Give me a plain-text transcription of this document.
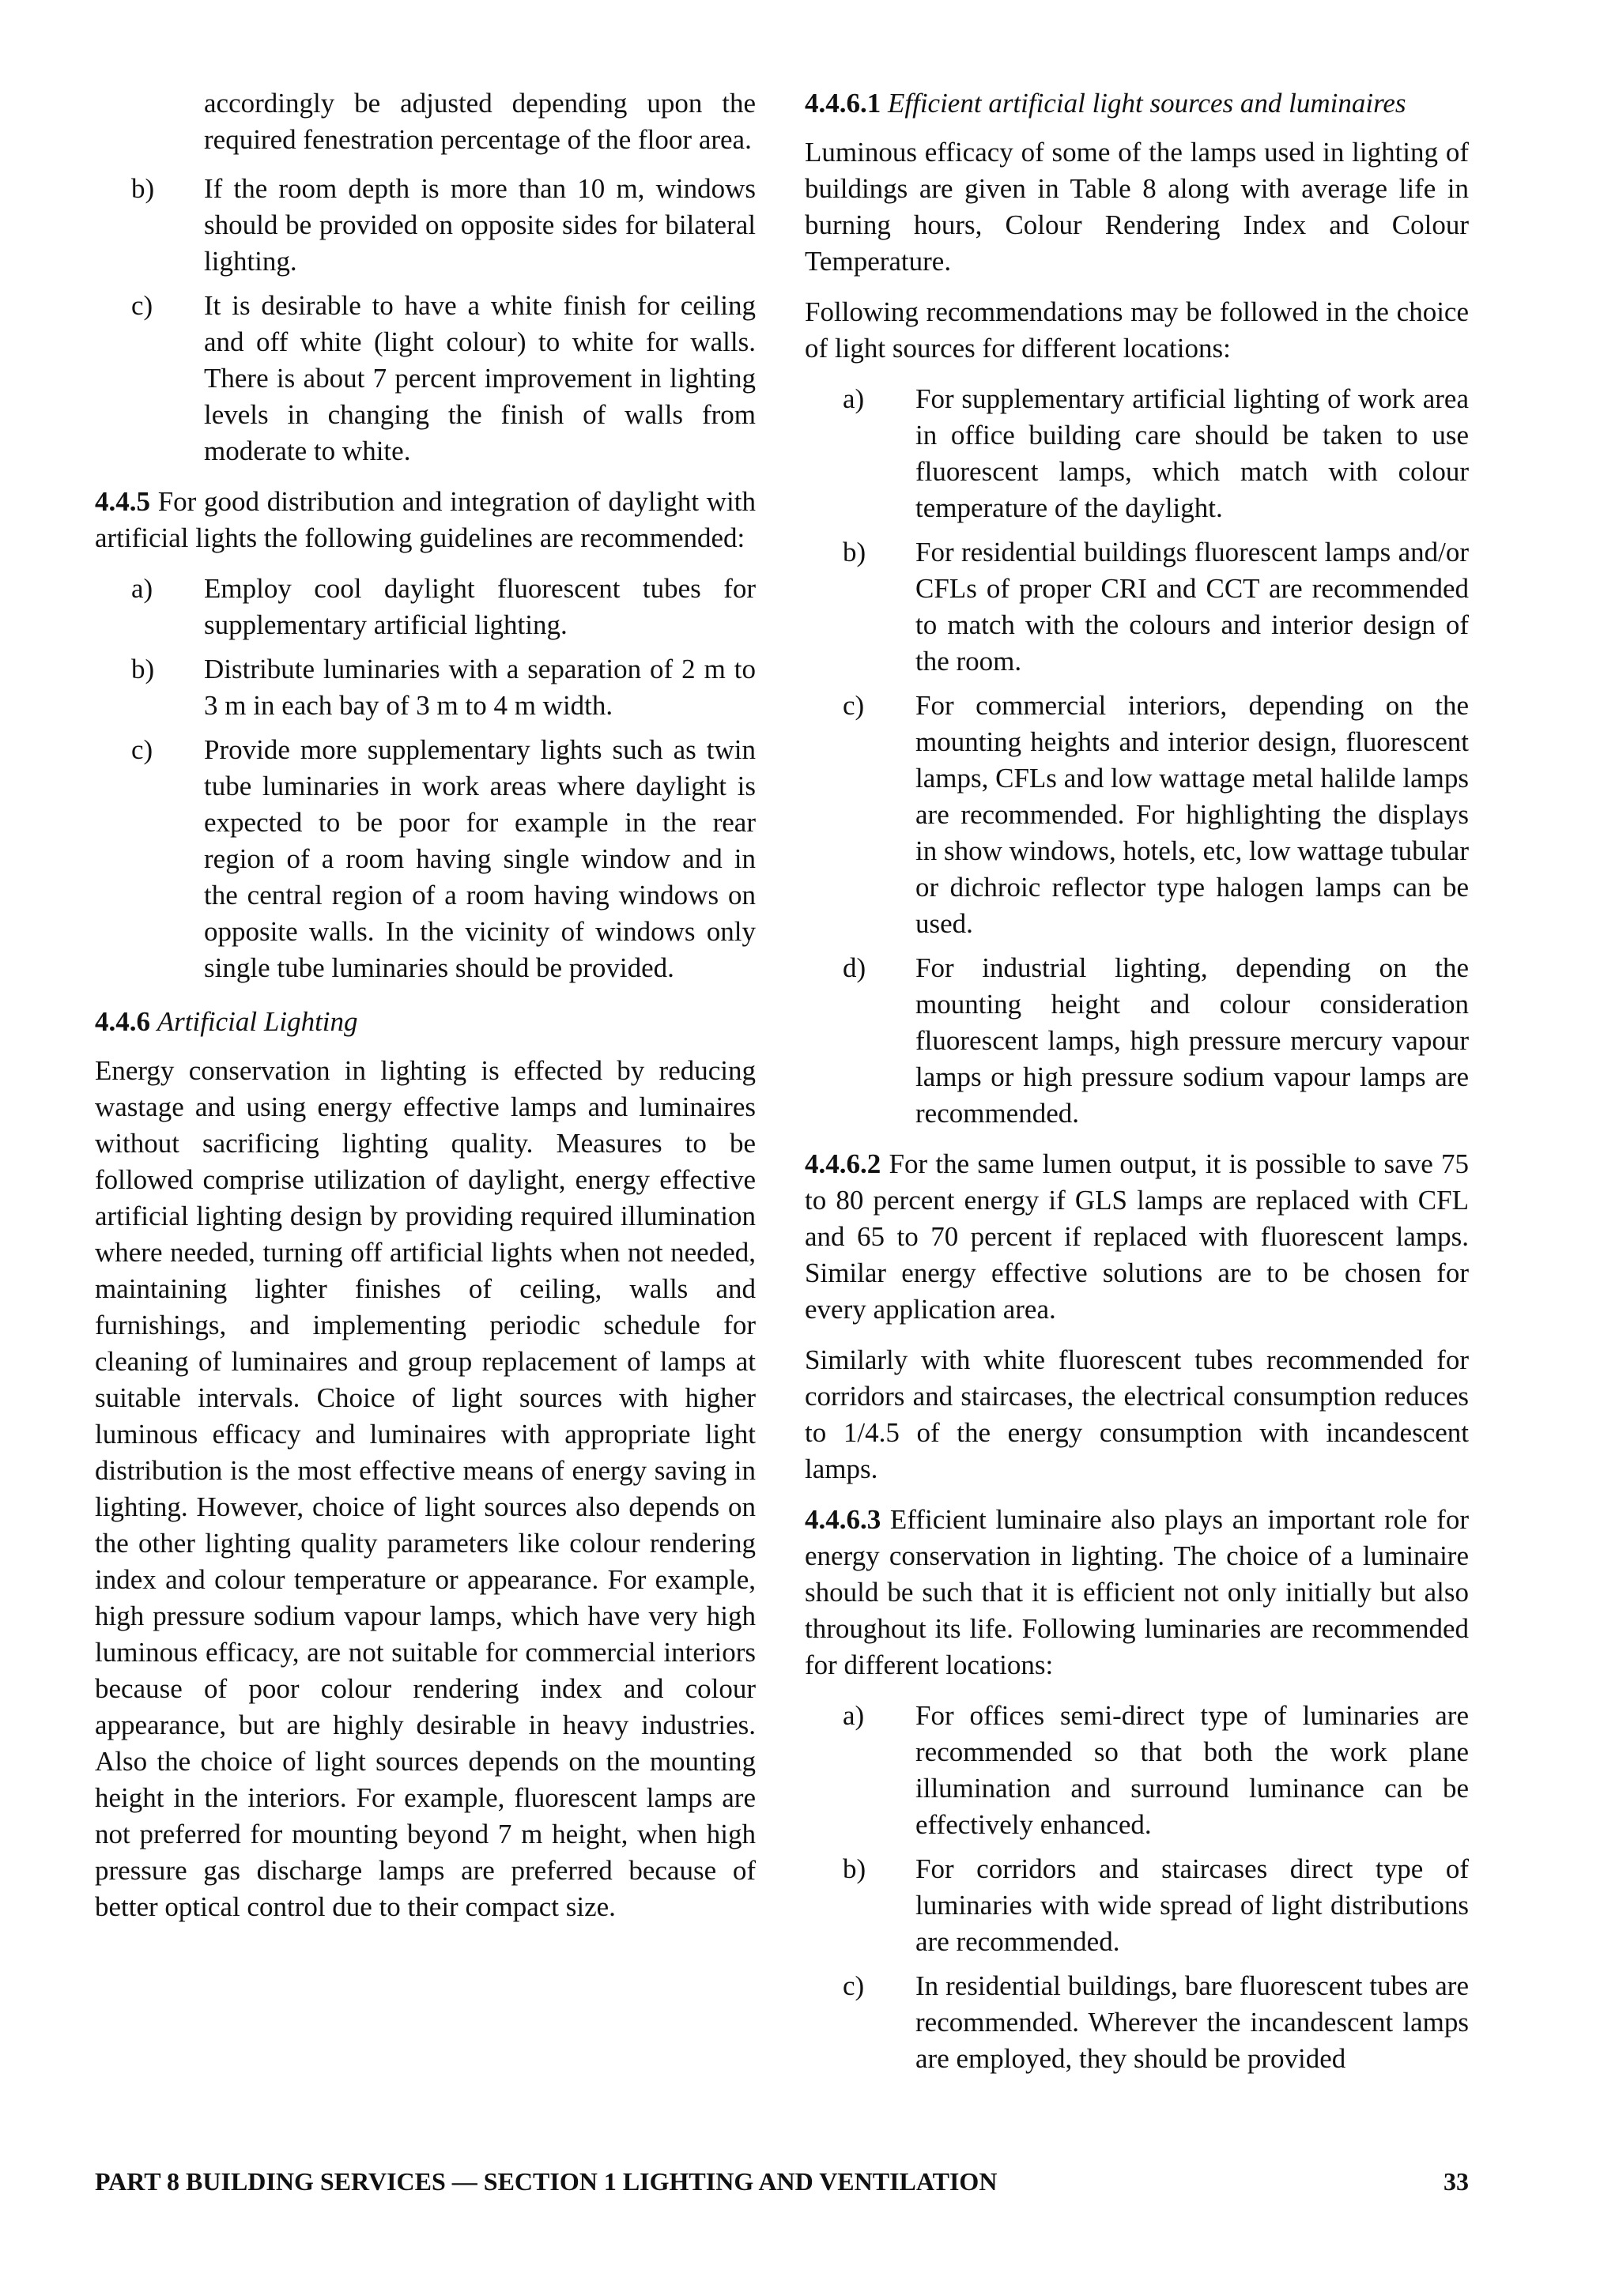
accordingly be adjusted depending upon the required fenestration percentage of the floor area.

b)	If the room depth is more than 10 m, windows should be provided on opposite sides for bilateral lighting.
c)	It is desirable to have a white finish for ceiling and off white (light colour) to white for walls. There is about 7 percent improvement in lighting levels in changing the finish of walls from moderate to white.

4.4.5 For good distribution and integration of daylight with artificial lights the following guidelines are recommended:

a)	Employ cool daylight fluorescent tubes for supplementary artificial lighting.
b)	Distribute luminaries with a separation of 2 m to 3 m in each bay of 3 m to 4 m width.
c)	Provide more supplementary lights such as twin tube luminaries in work areas where daylight is expected to be poor for example in the rear region of a room having single window and in the central region of a room having windows on opposite walls. In the vicinity of windows only single tube luminaries should be provided.

4.4.6 Artificial Lighting

Energy conservation in lighting is effected by reducing wastage and using energy effective lamps and luminaires without sacrificing lighting quality. Measures to be followed comprise utilization of daylight, energy effective artificial lighting design by providing required illumination where needed, turning off artificial lights when not needed, maintaining lighter finishes of ceiling, walls and furnishings, and implementing periodic schedule for cleaning of luminaires and group replacement of lamps at suitable intervals. Choice of light sources with higher luminous efficacy and luminaires with appropriate light distribution is the most effective means of energy saving in lighting. However, choice of light sources also depends on the other lighting quality parameters like colour rendering index and colour temperature or appearance. For example, high pressure sodium vapour lamps, which have very high luminous efficacy, are not suitable for commercial interiors because of poor colour rendering index and colour appearance, but are highly desirable in heavy industries. Also the choice of light sources depends on the mounting height in the interiors. For example, fluorescent lamps are not preferred for mounting beyond 7 m height, when high pressure gas discharge lamps are preferred because of better optical control due to their compact size.

4.4.6.1 Efficient artificial light sources and luminaires

Luminous efficacy of some of the lamps used in lighting of buildings are given in Table 8 along with average life in burning hours, Colour Rendering Index and Colour Temperature.

Following recommendations may be followed in the choice of light sources for different locations:

a)	For supplementary artificial lighting of work area in office building care should be taken to use fluorescent lamps, which match with colour temperature of the daylight.
b)	For residential buildings fluorescent lamps and/or CFLs of proper CRI and CCT are recommended to match with the colours and interior design of the room.
c)	For commercial interiors, depending on the mounting heights and interior design, fluorescent lamps, CFLs and low wattage metal halilde lamps are recommended. For highlighting the displays in show windows, hotels, etc, low wattage tubular or dichroic reflector type halogen lamps can be used.
d)	For industrial lighting, depending on the mounting height and colour consideration fluorescent lamps, high pressure mercury vapour lamps or high pressure sodium vapour lamps are recommended.

4.4.6.2 For the same lumen output, it is possible to save 75 to 80 percent energy if GLS lamps are replaced with CFL and 65 to 70 percent if replaced with fluorescent lamps. Similar energy effective solutions are to be chosen for every application area.

Similarly with white fluorescent tubes recommended for corridors and staircases, the electrical consumption reduces to 1/4.5 of the energy consumption with incandescent lamps.

4.4.6.3 Efficient luminaire also plays an important role for energy conservation in lighting. The choice of a luminaire should be such that it is efficient not only initially but also throughout its life. Following luminaries are recommended for different locations:

a)	For offices semi-direct type of luminaries are recommended so that both the work plane illumination and surround luminance can be effectively enhanced.
b)	For corridors and staircases direct type of luminaries with wide spread of light distributions are recommended.
c)	In residential buildings, bare fluorescent tubes are recommended. Wherever the incandescent lamps are employed, they should be provided
PART 8 BUILDING SERVICES — SECTION 1 LIGHTING AND VENTILATION	33
